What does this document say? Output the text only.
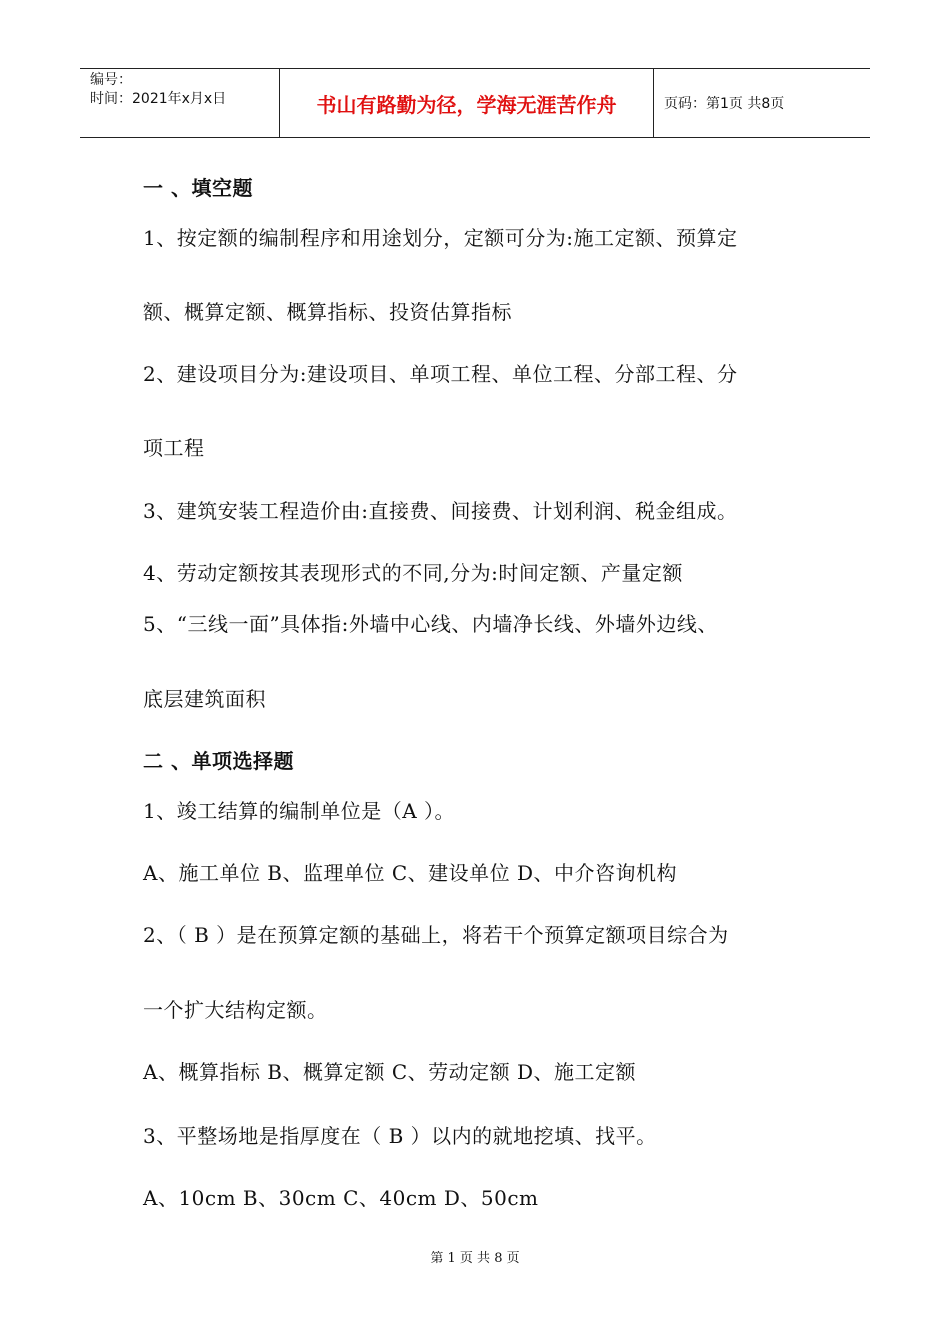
编号：
时间：2021年x月x日	书山有路勤为径，学海无涯苦作舟	页码：第1页 共8页
一 、填空题
1、按定额的编制程序和用途划分，定额可分为:施工定额、预算定
额、概算定额、概算指标、投资估算指标
2、建设项目分为:建设项目、单项工程、单位工程、分部工程、分
项工程
3、建筑安装工程造价由:直接费、间接费、计划利润、税金组成。
4、劳动定额按其表现形式的不同,分为:时间定额、产量定额
5、“三线一面”具体指:外墙中心线、内墙净长线、外墙外边线、
底层建筑面积
二 、单项选择题
1、竣工结算的编制单位是（A ）。
A、施工单位 B、监理单位 C、建设单位 D、中介咨询机构
2、（ B ）是在预算定额的基础上，将若干个预算定额项目综合为
一个扩大结构定额。
A、概算指标 B、概算定额 C、劳动定额 D、施工定额
3、平整场地是指厚度在（ B ）以内的就地挖填、找平。
A、10cm B、30cm C、40cm D、50cm
第 1 页 共 8 页
